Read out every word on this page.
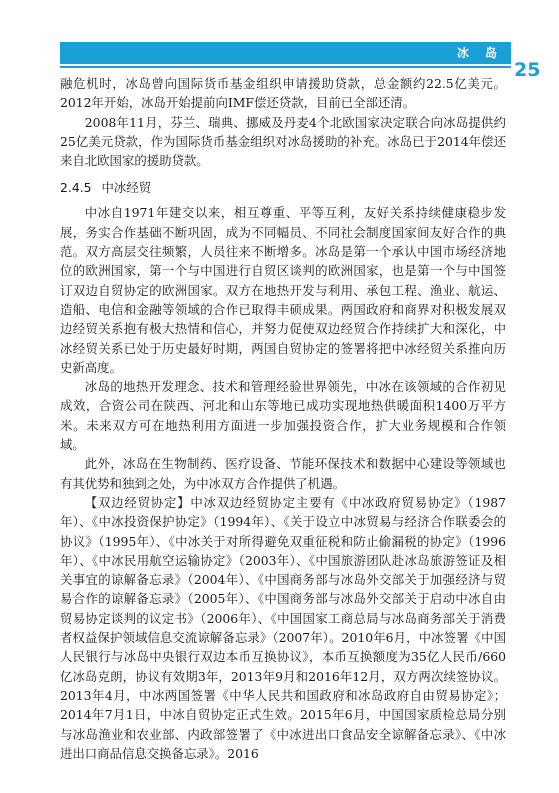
冰 岛
25

融危机时，冰岛曾向国际货币基金组织申请援助贷款，总金额约22.5亿美元。2012年开始，冰岛开始提前向IMF偿还贷款，目前已全部还清。

2008年11月，芬兰、瑞典、挪威及丹麦4个北欧国家决定联合向冰岛提供约25亿美元贷款，作为国际货币基金组织对冰岛援助的补充。冰岛已于2014年偿还来自北欧国家的援助贷款。

2.4.5 中冰经贸

中冰自1971年建交以来，相互尊重、平等互利，友好关系持续健康稳步发展，务实合作基础不断巩固，成为不同幅员、不同社会制度国家间友好合作的典范。双方高层交往频繁，人员往来不断增多。冰岛是第一个承认中国市场经济地位的欧洲国家，第一个与中国进行自贸区谈判的欧洲国家，也是第一个与中国签订双边自贸协定的欧洲国家。双方在地热开发与利用、承包工程、渔业、航运、造船、电信和金融等领域的合作已取得丰硕成果。两国政府和商界对积极发展双边经贸关系抱有极大热情和信心，并努力促使双边经贸合作持续扩大和深化，中冰经贸关系已处于历史最好时期，两国自贸协定的签署将把中冰经贸关系推向历史新高度。

冰岛的地热开发理念、技术和管理经验世界领先，中冰在该领域的合作初见成效，合资公司在陕西、河北和山东等地已成功实现地热供暖面积1400万平方米。未来双方可在地热利用方面进一步加强投资合作，扩大业务规模和合作领域。

此外，冰岛在生物制药、医疗设备、节能环保技术和数据中心建设等领域也有其优势和独到之处，为中冰双方合作提供了机遇。

【双边经贸协定】中冰双边经贸协定主要有《中冰政府贸易协定》（1987年）、《中冰投资保护协定》（1994年）、《关于设立中冰贸易与经济合作联委会的协议》（1995年）、《中冰关于对所得避免双重征税和防止偷漏税的协定》（1996年）、《中冰民用航空运输协定》（2003年）、《中国旅游团队赴冰岛旅游签证及相关事宜的谅解备忘录》（2004年）、《中国商务部与冰岛外交部关于加强经济与贸易合作的谅解备忘录》（2005年）、《中国商务部与冰岛外交部关于启动中冰自由贸易协定谈判的议定书》（2006年）、《中国国家工商总局与冰岛商务部关于消费者权益保护领域信息交流谅解备忘录》（2007年）。2010年6月，中冰签署《中国人民银行与冰岛中央银行双边本币互换协议》，本币互换额度为35亿人民币/660亿冰岛克朗，协议有效期3年，2013年9月和2016年12月，双方两次续签协议。2013年4月，中冰两国签署《中华人民共和国政府和冰岛政府自由贸易协定》；2014年7月1日，中冰自贸协定正式生效。2015年6月，中国国家质检总局分别与冰岛渔业和农业部、内政部签署了《中冰进出口食品安全谅解备忘录》、《中冰进出口商品信息交换备忘录》。2016
